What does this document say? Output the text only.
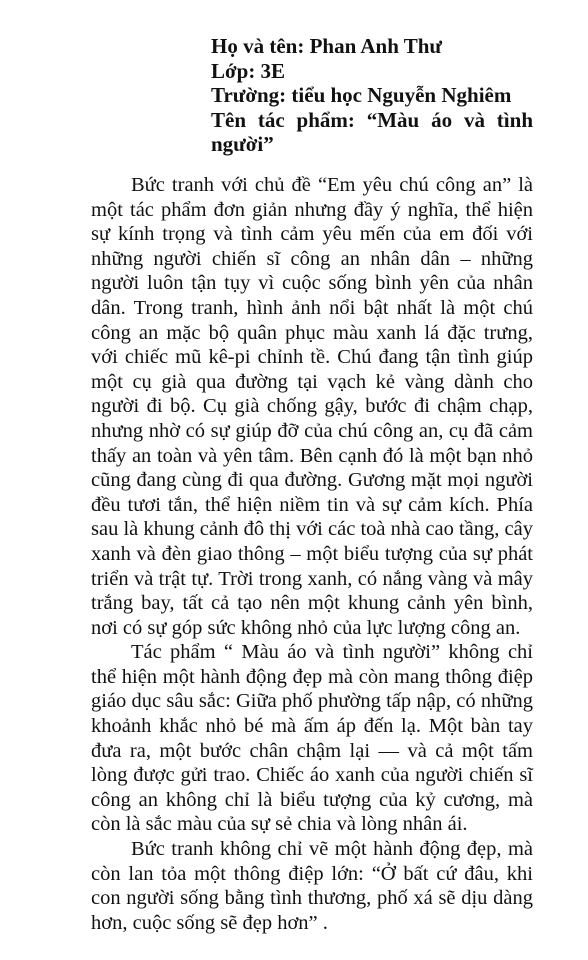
Họ và tên: Phan Anh Thư
Lớp: 3E
Trường: tiểu học Nguyễn Nghiêm
Tên tác phẩm: “Màu áo và tình người”

Bức tranh với chủ đề “Em yêu chú công an” là một tác phẩm đơn giản nhưng đầy ý nghĩa, thể hiện sự kính trọng và tình cảm yêu mến của em đối với những người chiến sĩ công an nhân dân – những người luôn tận tụy vì cuộc sống bình yên của nhân dân. Trong tranh, hình ảnh nổi bật nhất là một chú công an mặc bộ quân phục màu xanh lá đặc trưng, với chiếc mũ kê-pi chỉnh tề. Chú đang tận tình giúp một cụ già qua đường tại vạch kẻ vàng dành cho người đi bộ. Cụ già chống gậy, bước đi chậm chạp, nhưng nhờ có sự giúp đỡ của chú công an, cụ đã cảm thấy an toàn và yên tâm. Bên cạnh đó là một bạn nhỏ cũng đang cùng đi qua đường. Gương mặt mọi người đều tươi tắn, thể hiện niềm tin và sự cảm kích. Phía sau là khung cảnh đô thị với các toà nhà cao tầng, cây xanh và đèn giao thông – một biểu tượng của sự phát triển và trật tự. Trời trong xanh, có nắng vàng và mây trắng bay, tất cả tạo nên một khung cảnh yên bình, nơi có sự góp sức không nhỏ của lực lượng công an.

Tác phẩm “ Màu áo và tình người” không chỉ thể hiện một hành động đẹp mà còn mang thông điệp giáo dục sâu sắc: Giữa phố phường tấp nập, có những khoảnh khắc nhỏ bé mà ấm áp đến lạ. Một bàn tay đưa ra, một bước chân chậm lại — và cả một tấm lòng được gửi trao. Chiếc áo xanh của người chiến sĩ công an không chỉ là biểu tượng của kỷ cương, mà còn là sắc màu của sự sẻ chia và lòng nhân ái.

Bức tranh không chỉ vẽ một hành động đẹp, mà còn lan tỏa một thông điệp lớn: “Ở bất cứ đâu, khi con người sống bằng tình thương, phố xá sẽ dịu dàng hơn, cuộc sống sẽ đẹp hơn” .
